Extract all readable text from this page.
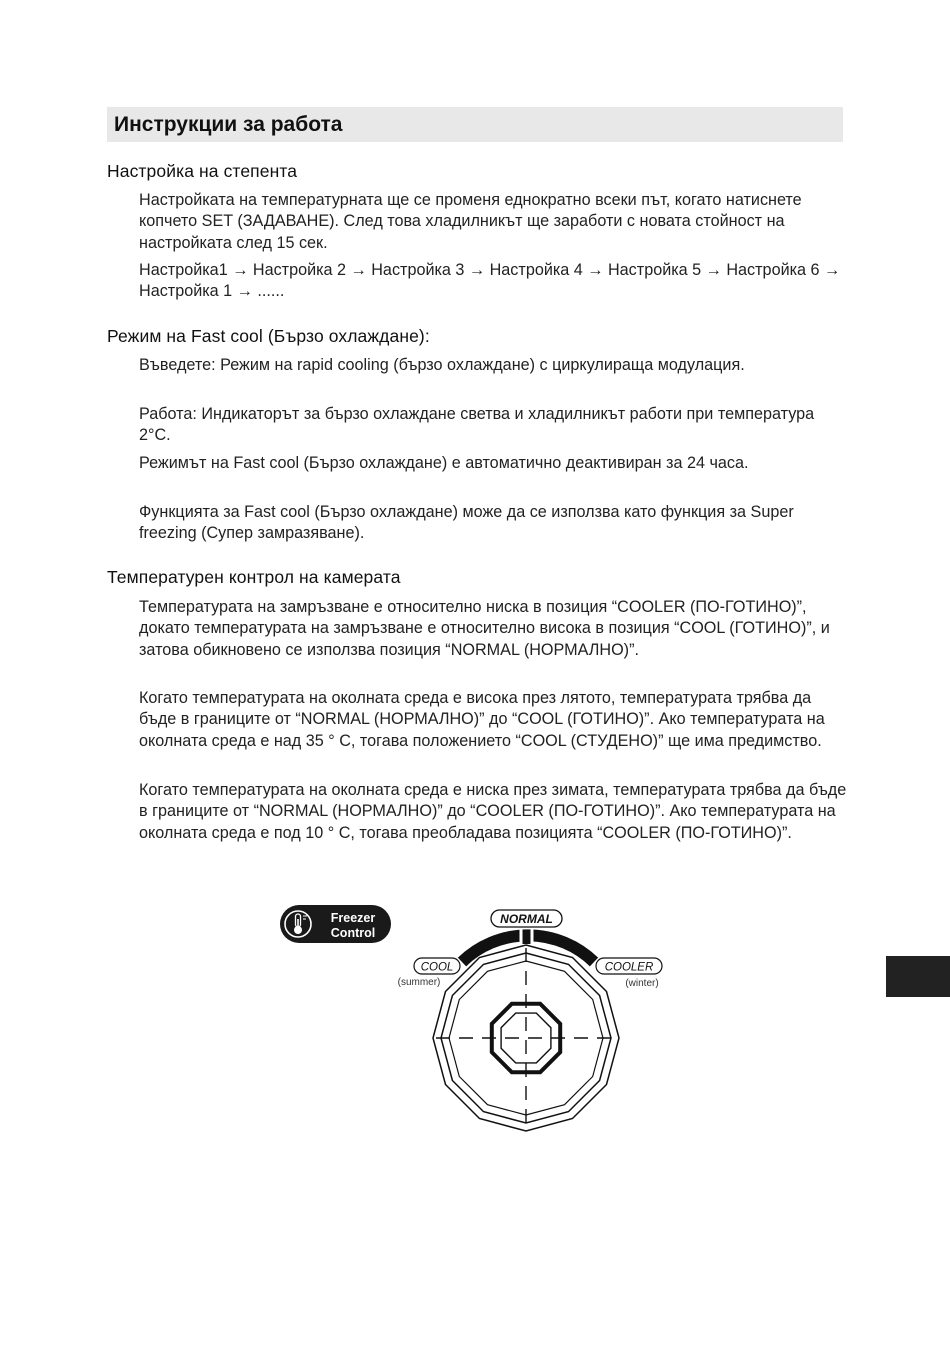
Инструкции за работа
Настройка на степента

Настройката на температурната ще се променя еднократно всеки път, когато натиснете копчето SET (ЗАДАВАНЕ). След това хладилникът ще заработи с новата стойност на настройката след 15 сек.

Настройка1 → Настройка 2 → Настройка 3 → Настройка 4 → Настройка 5 → Настройка 6 → Настройка 1 → ......

Режим на Fast cool (Бързо охлаждане):

Въведете: Режим на rapid cooling (бързо охлаждане) с циркулираща модулация.

Работа: Индикаторът за бързо охлаждане светва и хладилникът работи при температура 2°C.

Режимът на Fast cool (Бързо охлаждане) е автоматично деактивиран за 24 часа.

Функцията за Fast cool (Бързо охлаждане) може да се използва като функция за Super freezing (Супер замразяване).

Температурен контрол на камерата

Температурата на замръзване е относително ниска в позиция “COOLER (ПО-ГОТИНО)”, докато температурата на замръзване е относително висока в позиция “COOL (ГОТИНО)”, и затова обикновено се използва позиция “NORMAL (НОРМАЛНО)”.

Когато температурата на околната среда е висока през лятото, температурата трябва да бъде в границите от “NORMAL (НОРМАЛНО)” до “COOL (ГОТИНО)”. Ако температурата на околната среда е над 35 ° C, тогава положението “COOL (СТУДЕНО)” ще има предимство.

Когато температурата на околната среда е ниска през зимата, температурата трябва да бъде в границите от “NORMAL (НОРМАЛНО)” до “COOLER (ПО-ГОТИНО)”. Ако температурата на околната среда е под 10 ° C, тогава преобладава позицията “COOLER (ПО-ГОТИНО)”.

Freezer
Control
NORMAL
COOL
(summer)
COOLER
(winter)
